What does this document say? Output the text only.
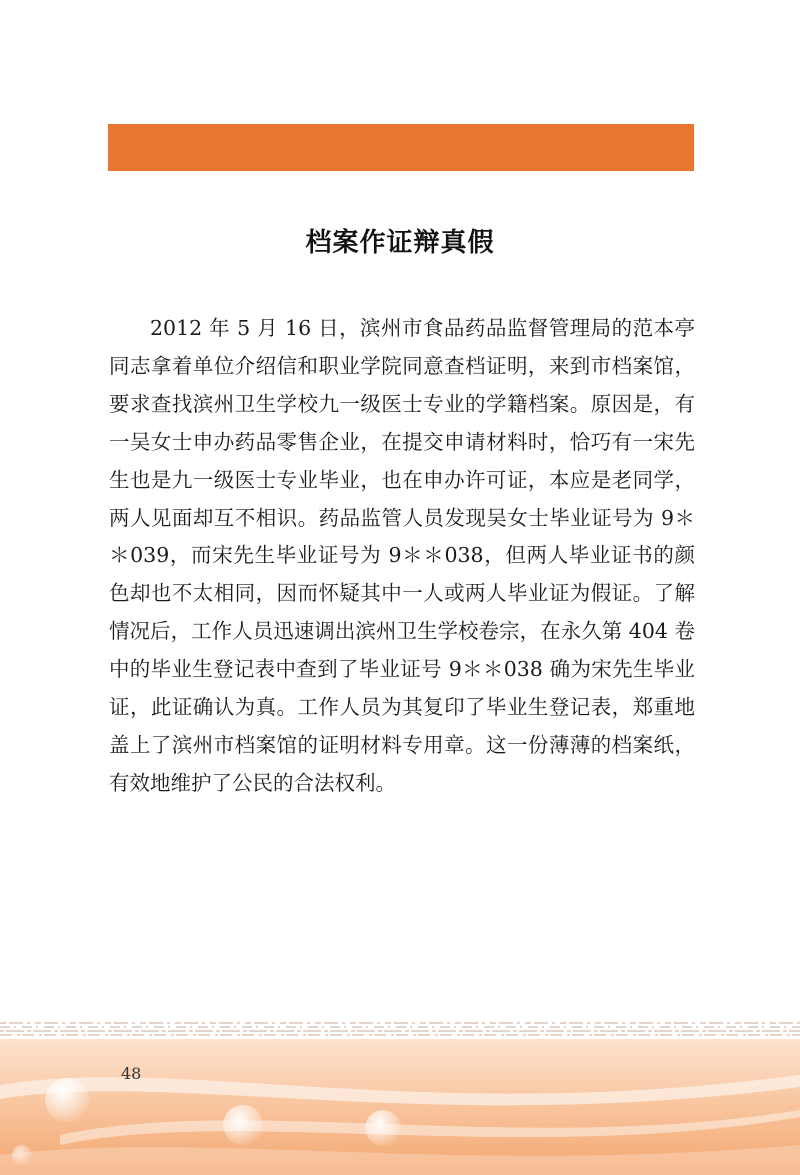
档案作证辩真假

2012 年 5 月 16 日，滨州市食品药品监督管理局的范本亭同志拿着单位介绍信和职业学院同意查档证明，来到市档案馆，要求查找滨州卫生学校九一级医士专业的学籍档案。原因是，有一吴女士申办药品零售企业，在提交申请材料时，恰巧有一宋先生也是九一级医士专业毕业，也在申办许可证，本应是老同学，两人见面却互不相识。药品监管人员发现吴女士毕业证号为 9＊＊039，而宋先生毕业证号为 9＊＊038，但两人毕业证书的颜色却也不太相同，因而怀疑其中一人或两人毕业证为假证。了解情况后，工作人员迅速调出滨州卫生学校卷宗，在永久第 404 卷中的毕业生登记表中查到了毕业证号 9＊＊038 确为宋先生毕业证，此证确认为真。工作人员为其复印了毕业生登记表，郑重地盖上了滨州市档案馆的证明材料专用章。这一份薄薄的档案纸，有效地维护了公民的合法权利。

48
